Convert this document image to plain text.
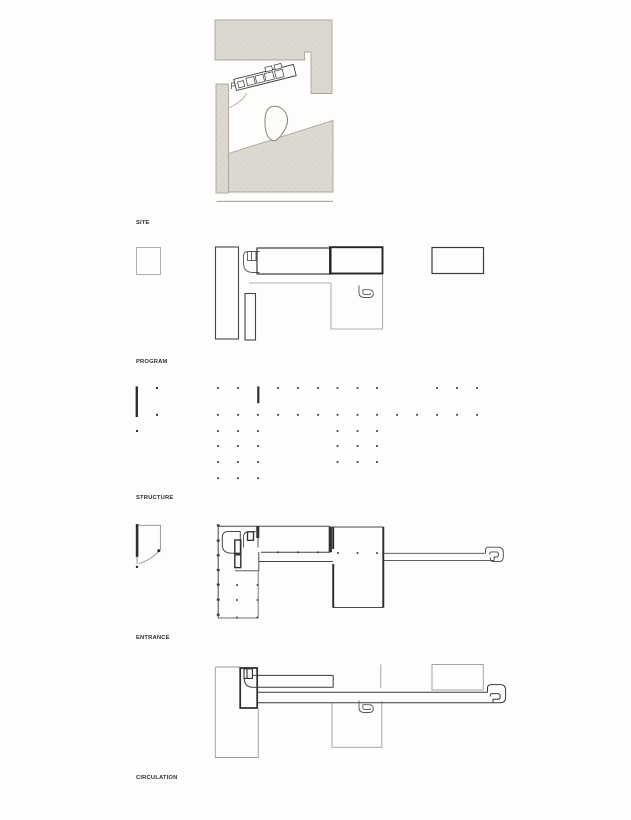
SITE
PROGRAM
STRUCTURE
ENTRANCE
CIRCULATION
